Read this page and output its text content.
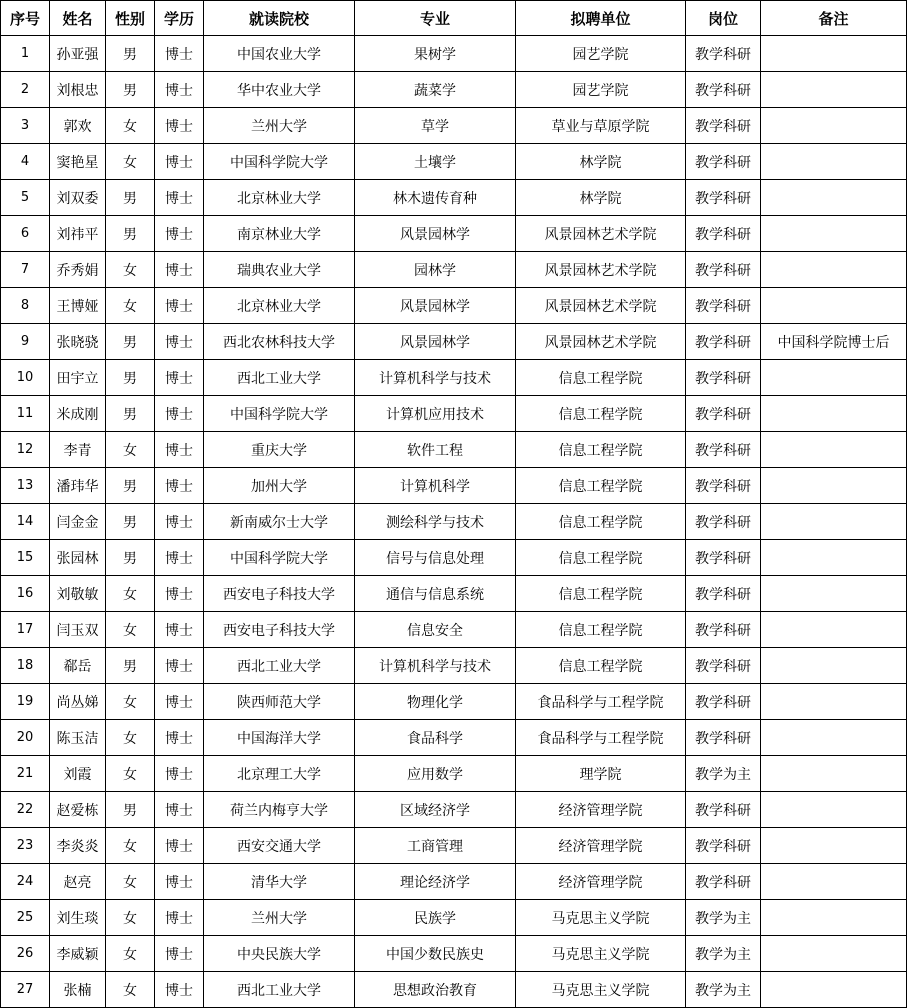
序号	姓名	性别	学历	就读院校	专业	拟聘单位	岗位	备注
1	孙亚强	男	博士	中国农业大学	果树学	园艺学院	教学科研	
2	刘根忠	男	博士	华中农业大学	蔬菜学	园艺学院	教学科研	
3	郭欢	女	博士	兰州大学	草学	草业与草原学院	教学科研	
4	窦艳星	女	博士	中国科学院大学	土壤学	林学院	教学科研	
5	刘双委	男	博士	北京林业大学	林木遗传育种	林学院	教学科研	
6	刘祎平	男	博士	南京林业大学	风景园林学	风景园林艺术学院	教学科研	
7	乔秀娟	女	博士	瑞典农业大学	园林学	风景园林艺术学院	教学科研	
8	王博娅	女	博士	北京林业大学	风景园林学	风景园林艺术学院	教学科研	
9	张晓骁	男	博士	西北农林科技大学	风景园林学	风景园林艺术学院	教学科研	中国科学院博士后
10	田宇立	男	博士	西北工业大学	计算机科学与技术	信息工程学院	教学科研	
11	米成刚	男	博士	中国科学院大学	计算机应用技术	信息工程学院	教学科研	
12	李青	女	博士	重庆大学	软件工程	信息工程学院	教学科研	
13	潘玮华	男	博士	加州大学	计算机科学	信息工程学院	教学科研	
14	闫金金	男	博士	新南威尔士大学	测绘科学与技术	信息工程学院	教学科研	
15	张园林	男	博士	中国科学院大学	信号与信息处理	信息工程学院	教学科研	
16	刘敬敏	女	博士	西安电子科技大学	通信与信息系统	信息工程学院	教学科研	
17	闫玉双	女	博士	西安电子科技大学	信息安全	信息工程学院	教学科研	
18	郗岳	男	博士	西北工业大学	计算机科学与技术	信息工程学院	教学科研	
19	尚丛娣	女	博士	陕西师范大学	物理化学	食品科学与工程学院	教学科研	
20	陈玉洁	女	博士	中国海洋大学	食品科学	食品科学与工程学院	教学科研	
21	刘霞	女	博士	北京理工大学	应用数学	理学院	教学为主	
22	赵爱栋	男	博士	荷兰内梅亨大学	区域经济学	经济管理学院	教学科研	
23	李炎炎	女	博士	西安交通大学	工商管理	经济管理学院	教学科研	
24	赵亮	女	博士	清华大学	理论经济学	经济管理学院	教学科研	
25	刘生琰	女	博士	兰州大学	民族学	马克思主义学院	教学为主	
26	李威颖	女	博士	中央民族大学	中国少数民族史	马克思主义学院	教学为主	
27	张楠	女	博士	西北工业大学	思想政治教育	马克思主义学院	教学为主	
